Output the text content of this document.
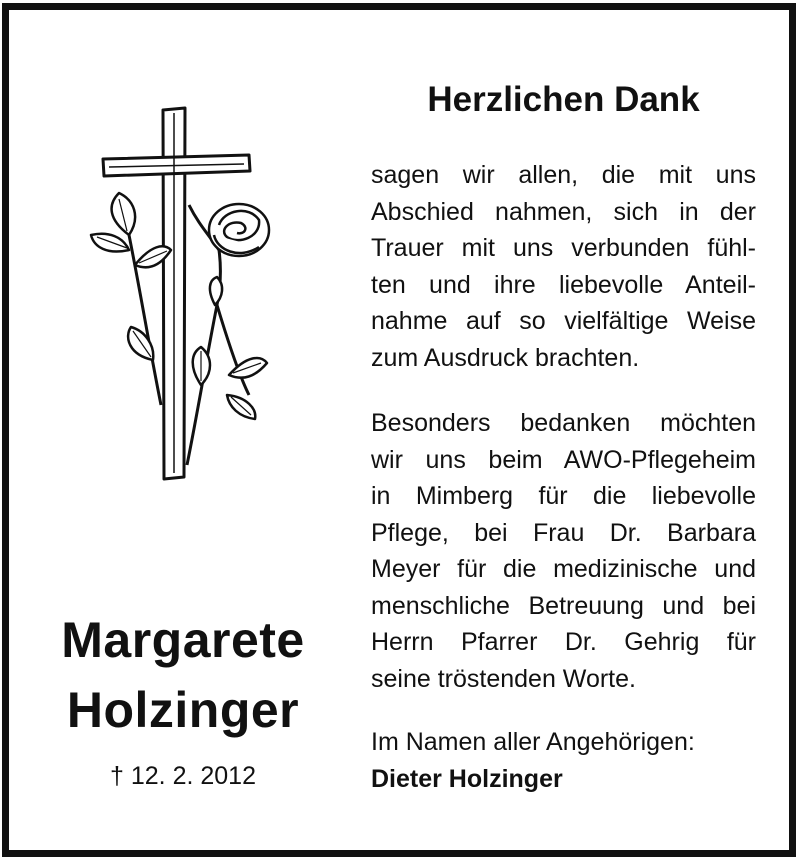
Margarete
Holzinger
† 12. 2. 2012
Herzlichen Dank

sagen wir allen, die mit uns
Abschied nahmen, sich in der
Trauer mit uns verbunden fühl-
ten und ihre liebevolle Anteil-
nahme auf so vielfältige Weise
zum Ausdruck brachten.

Besonders bedanken möchten
wir uns beim AWO-Pflegeheim
in Mimberg für die liebevolle
Pflege, bei Frau Dr. Barbara
Meyer für die medizinische und
menschliche Betreuung und bei
Herrn Pfarrer Dr. Gehrig für
seine tröstenden Worte.

Im Namen aller Angehörigen:
Dieter Holzinger
